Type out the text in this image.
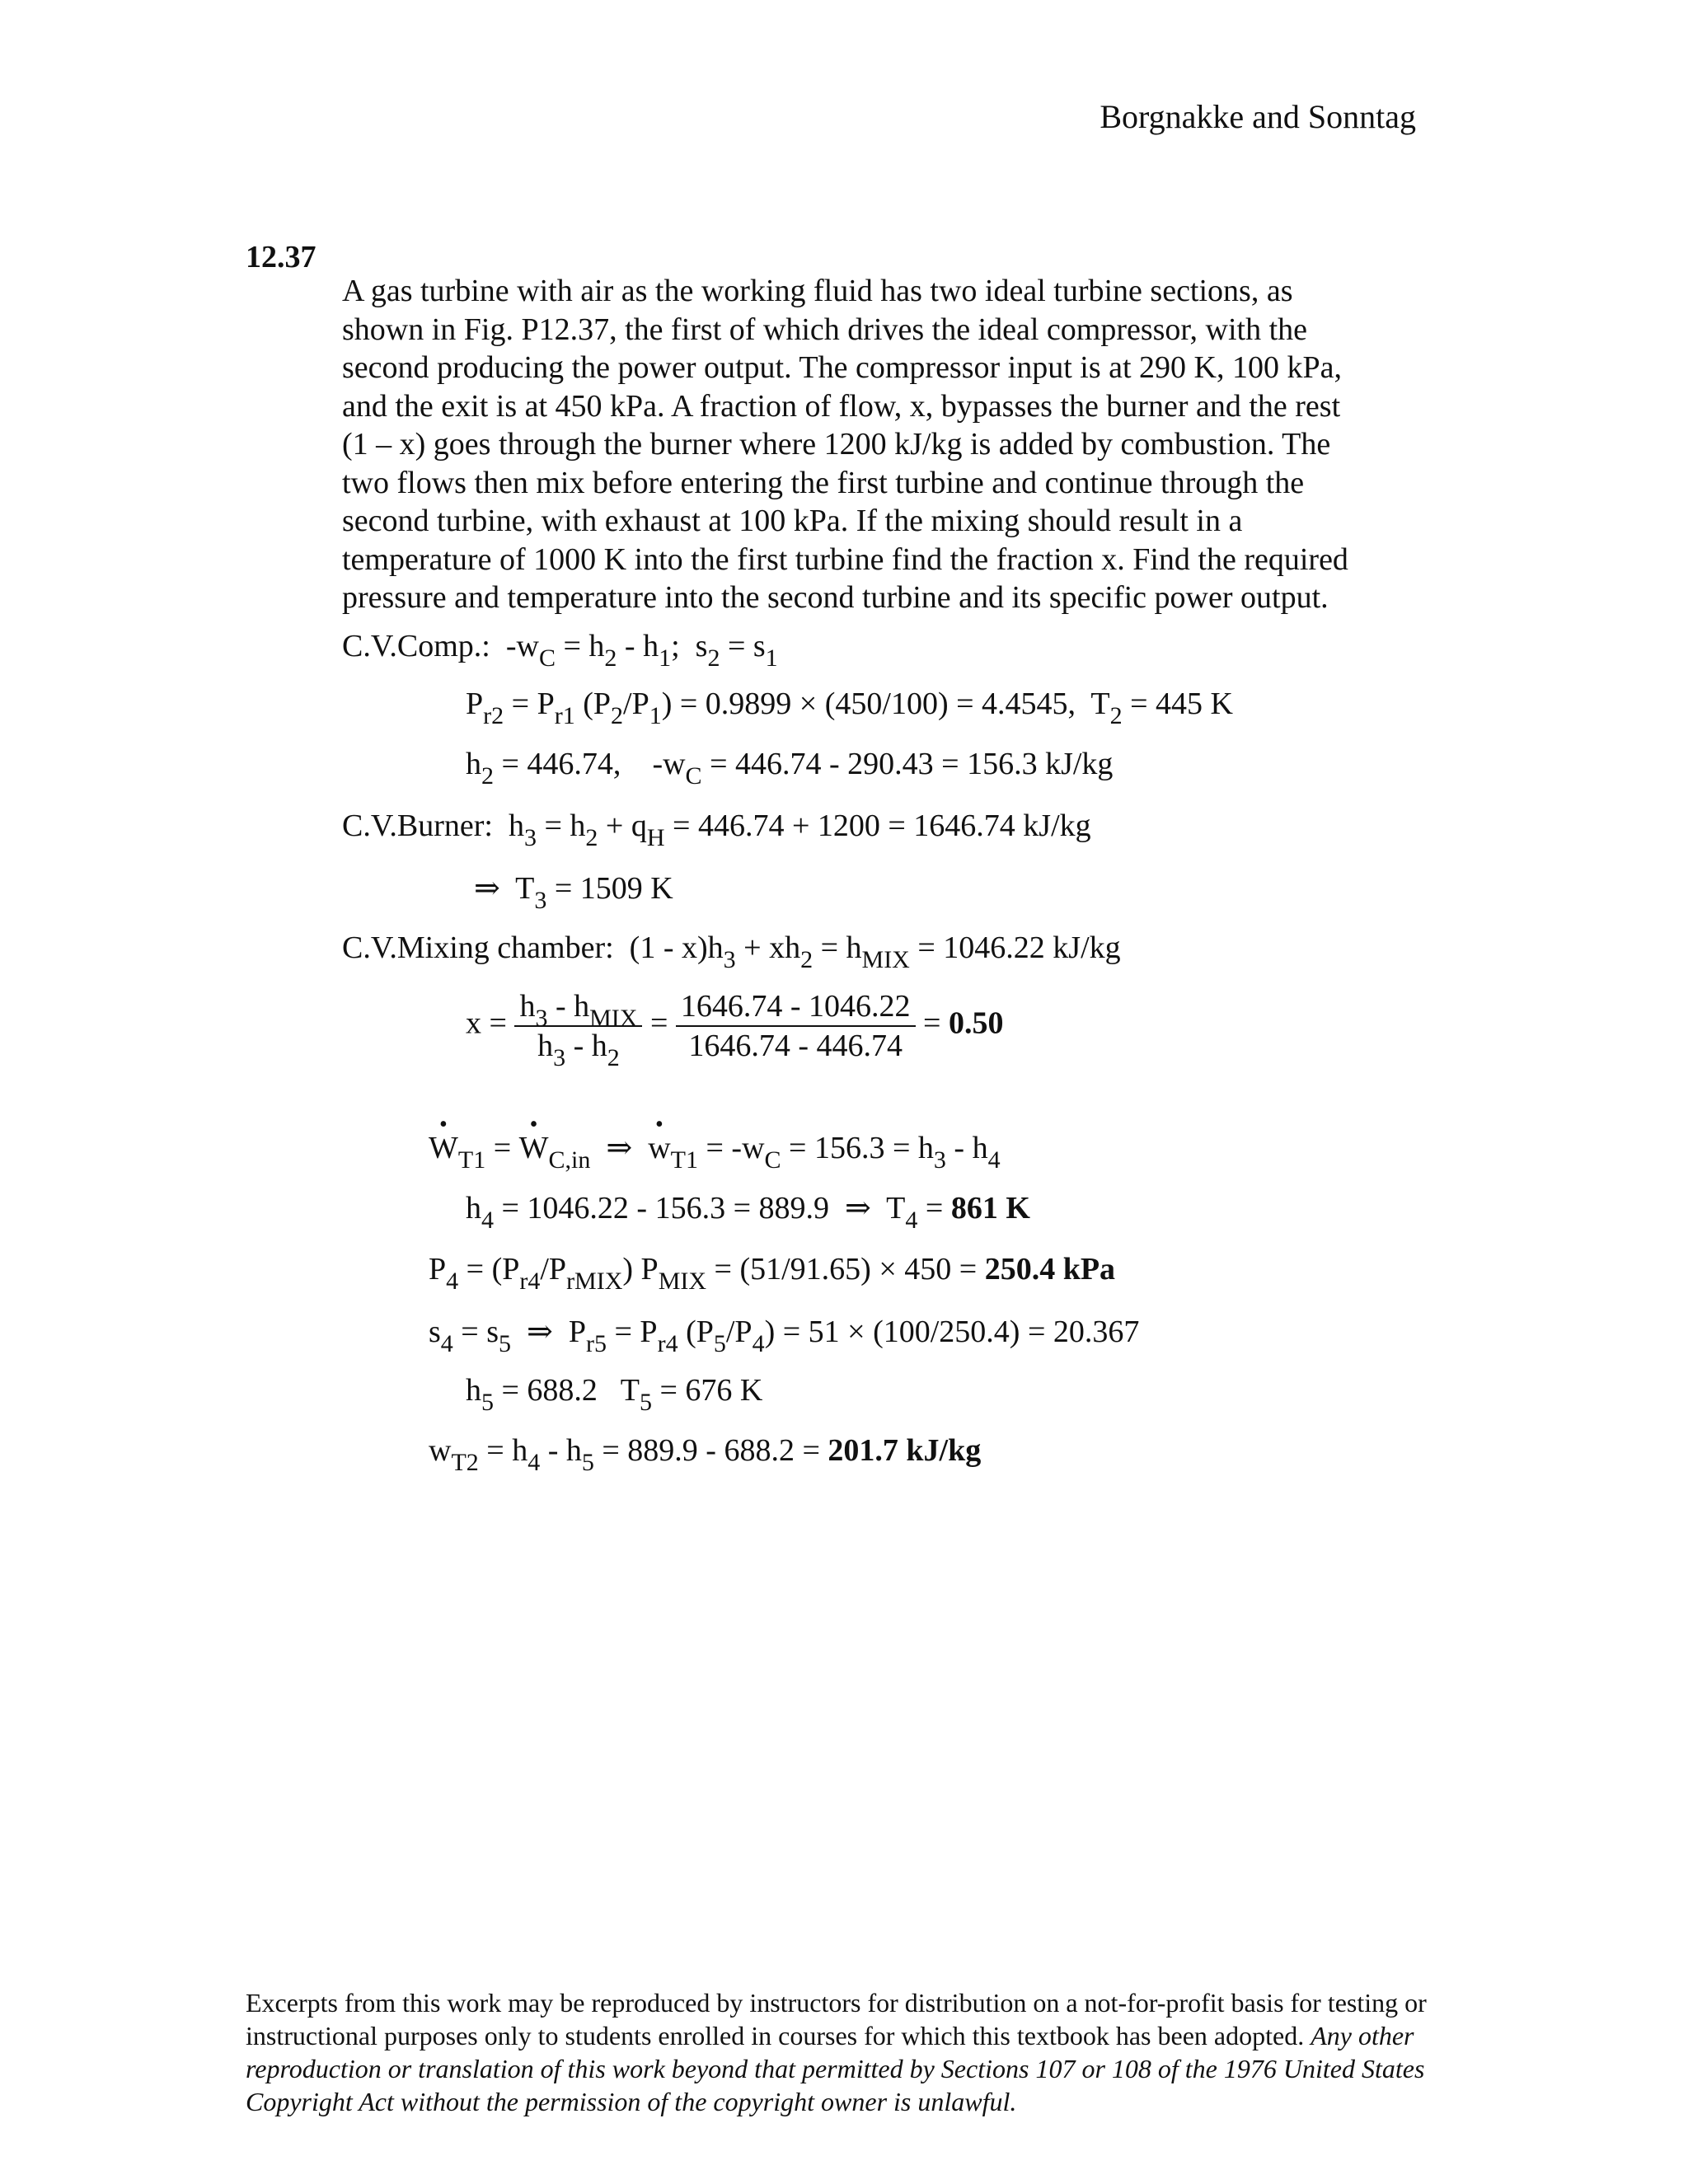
Borgnakke and Sonntag
12.37

A gas turbine with air as the working fluid has two ideal turbine sections, as

shown in Fig. P12.37, the first of which drives the ideal compressor, with the

second producing the power output. The compressor input is at 290 K, 100 kPa,

and the exit is at 450 kPa. A fraction of flow, x, bypasses the burner and the rest

(1 – x) goes through the burner where 1200 kJ/kg is added by combustion. The

two flows then mix before entering the first turbine and continue through the

second turbine, with exhaust at 100 kPa. If the mixing should result in a

temperature of 1000 K into the first turbine find the fraction x. Find the required

pressure and temperature into the second turbine and its specific power output.

C.V.Comp.:  $-w_C = h_2 - h_1$;  $s_2 = s_1$
$P_{r2} = P_{r1}$ $(P_2/P_1) = 0.9899 \times (450/100) = 4.4545$,  $T_2 = 445$ K
$h_2 = 446.74$,    $-w_C = 446.74 - 290.43 = 156.3$ kJ/kg
C.V.Burner:  $h_3 = h_2 + q_H = 446.74 + 1200 = 1646.74$ kJ/kg
⇒  $T_3 = 1509$ K
C.V.Mixing chamber:  $(1 - x)h_3 + xh_2 = h_{MIX} = 1046.22$ kJ/kg
$x = \frac{h_3 - h_{MIX}}{h_3 - h_2} = \frac{1646.74 - 1046.22}{1646.74 - 446.74} = 0.50$
• $W_{T1}$ = • $W_{C,in}$  ⇒  • $w_{T1} = -w_C = 156.3 = h_3 - h_4$
$h_4 = 1046.22 - 156.3 = 889.9$  ⇒  $T_4 = 861$ K
$P_4 = (P_{r4}/P_{rMIX}) P_{MIX} = (51/91.65) \times 450 = 250.4$ kPa
$s_4 = s_5$  ⇒  $P_{r5} = P_{r4}$ $(P_5/P_4) = 51 \times (100/250.4) = 20.367$
$h_5 = 688.2$   $T_5 = 676$ K
$w_{T2} = h_4 - h_5 = 889.9 - 688.2 = 201.7$ kJ/kg
Excerpts from this work may be reproduced by instructors for distribution on a not-for-profit basis for testing or instructional purposes only to students enrolled in courses for which this textbook has been adopted. Any other reproduction or translation of this work beyond that permitted by Sections 107 or 108 of the 1976 United States Copyright Act without the permission of the copyright owner is unlawful.
